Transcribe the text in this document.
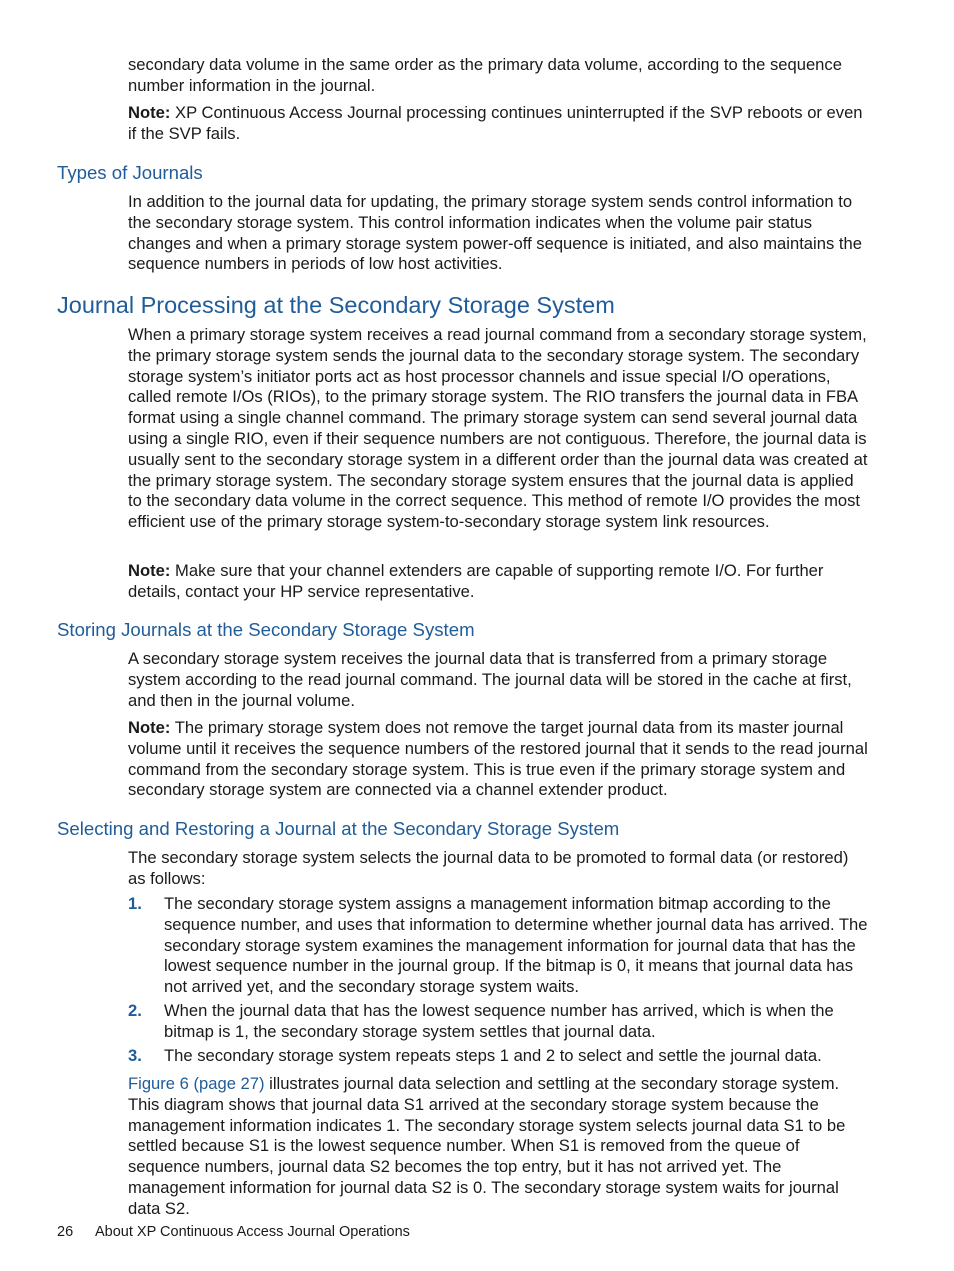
secondary data volume in the same order as the primary data volume, according to the sequence number information in the journal.

Note: XP Continuous Access Journal processing continues uninterrupted if the SVP reboots or even if the SVP fails.

Types of Journals

In addition to the journal data for updating, the primary storage system sends control information to the secondary storage system. This control information indicates when the volume pair status changes and when a primary storage system power-off sequence is initiated, and also maintains the sequence numbers in periods of low host activities.

Journal Processing at the Secondary Storage System

When a primary storage system receives a read journal command from a secondary storage system, the primary storage system sends the journal data to the secondary storage system. The secondary storage system’s initiator ports act as host processor channels and issue special I/O operations, called remote I/Os (RIOs), to the primary storage system. The RIO transfers the journal data in FBA format using a single channel command. The primary storage system can send several journal data using a single RIO, even if their sequence numbers are not contiguous. Therefore, the journal data is usually sent to the secondary storage system in a different order than the journal data was created at the primary storage system. The secondary storage system ensures that the journal data is applied to the secondary data volume in the correct sequence. This method of remote I/O provides the most efficient use of the primary storage system-to-secondary storage system link resources.

Note: Make sure that your channel extenders are capable of supporting remote I/O. For further details, contact your HP service representative.

Storing Journals at the Secondary Storage System

A secondary storage system receives the journal data that is transferred from a primary storage system according to the read journal command. The journal data will be stored in the cache at first, and then in the journal volume.

Note: The primary storage system does not remove the target journal data from its master journal volume until it receives the sequence numbers of the restored journal that it sends to the read journal command from the secondary storage system. This is true even if the primary storage system and secondary storage system are connected via a channel extender product.

Selecting and Restoring a Journal at the Secondary Storage System

The secondary storage system selects the journal data to be promoted to formal data (or restored) as follows:

1. The secondary storage system assigns a management information bitmap according to the sequence number, and uses that information to determine whether journal data has arrived. The secondary storage system examines the management information for journal data that has the lowest sequence number in the journal group. If the bitmap is 0, it means that journal data has not arrived yet, and the secondary storage system waits.
2. When the journal data that has the lowest sequence number has arrived, which is when the bitmap is 1, the secondary storage system settles that journal data.
3. The secondary storage system repeats steps 1 and 2 to select and settle the journal data.

Figure 6 (page 27) illustrates journal data selection and settling at the secondary storage system. This diagram shows that journal data S1 arrived at the secondary storage system because the management information indicates 1. The secondary storage system selects journal data S1 to be settled because S1 is the lowest sequence number. When S1 is removed from the queue of sequence numbers, journal data S2 becomes the top entry, but it has not arrived yet. The management information for journal data S2 is 0. The secondary storage system waits for journal data S2.

26 About XP Continuous Access Journal Operations
